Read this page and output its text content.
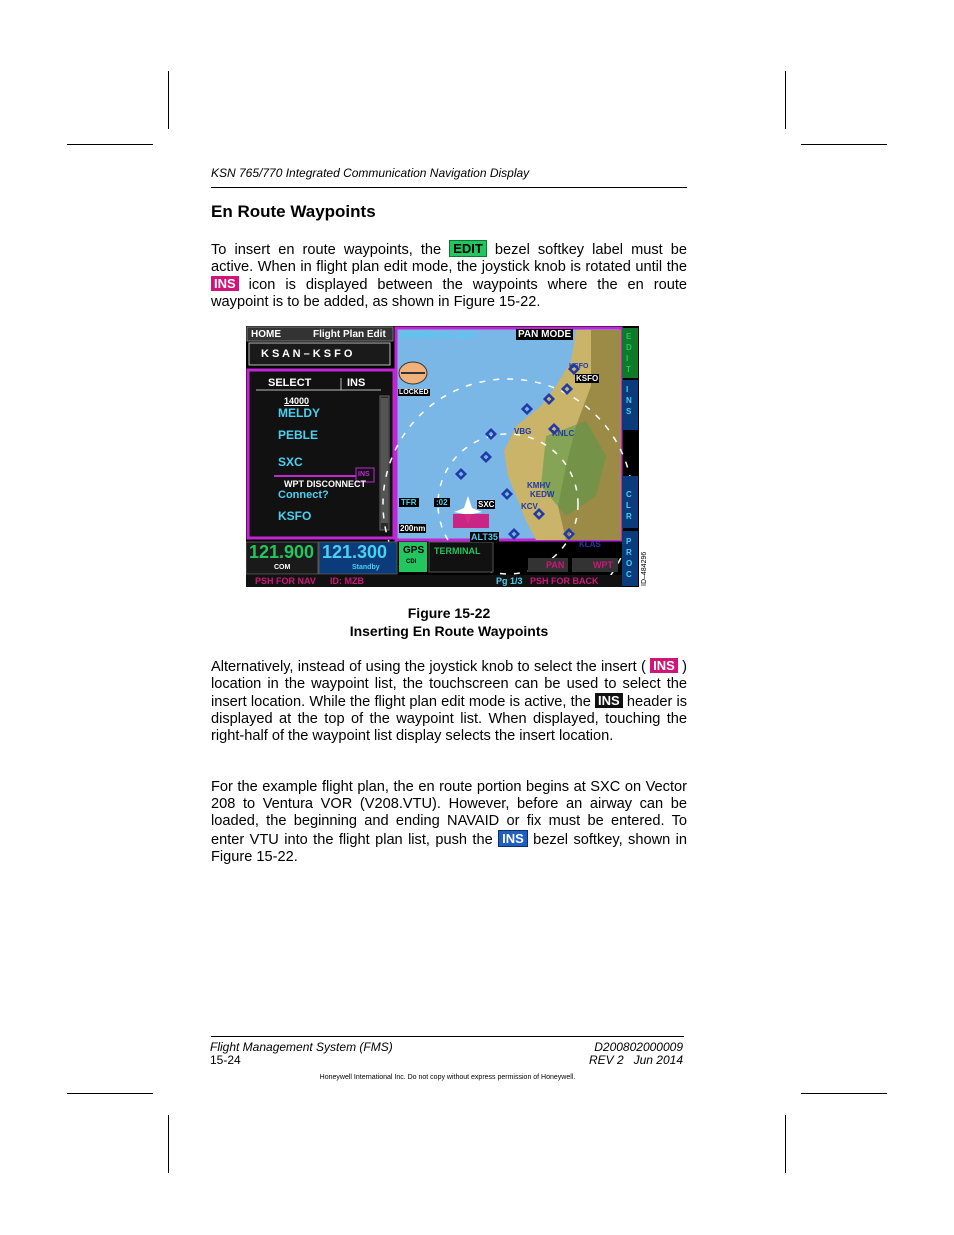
KSN 765/770 Integrated Communication Navigation Display
En Route Waypoints
To insert en route waypoints, the EDIT bezel softkey label must be active. When in flight plan edit mode, the joystick knob is rotated until the INS icon is displayed between the waypoints where the en route waypoint is to be added, as shown in Figure 15‐22.
HOME	Flight Plan Edit
K S A N – K S F O
SELECT	INS
14000
MELDY
PEBLE
SXC
INS
WPT DISCONNECT
Connect?
KSFO
GRAPHICAL EDIT	PAN MODE
LOCKED
KSFO
KSFO
VBG	KNLC
KMHV
KEDW
KCV
SXC
KLAS
TFR :02
200nm
ALT35
121.900
COM
121.300
Standby
GPS
CDI
TERMINAL
PAN	WPT
PSH FOR NAV ID: MZB	Pg 1/3 PSH FOR BACK
EDIT
INS
CLR
PROC ID–484296
Figure 15‐22
Inserting En Route Waypoints
Alternatively, instead of using the joystick knob to select the insert ( INS ) location in the waypoint list, the touchscreen can be used to select the insert location. While the flight plan edit mode is active, the INS header is displayed at the top of the waypoint list. When displayed, touching the right‐half of the waypoint list display selects the insert location.
For the example flight plan, the en route portion begins at SXC on Vector 208 to Ventura VOR (V208.VTU). However, before an airway can be loaded, the beginning and ending NAVAID or fix must be entered. To enter VTU into the flight plan list, push the INS bezel softkey, shown in Figure 15‐22.
Flight Management System (FMS)
15-24
D200802000009
REV 2   Jun 2014
Honeywell International Inc. Do not copy without express permission of Honeywell.
